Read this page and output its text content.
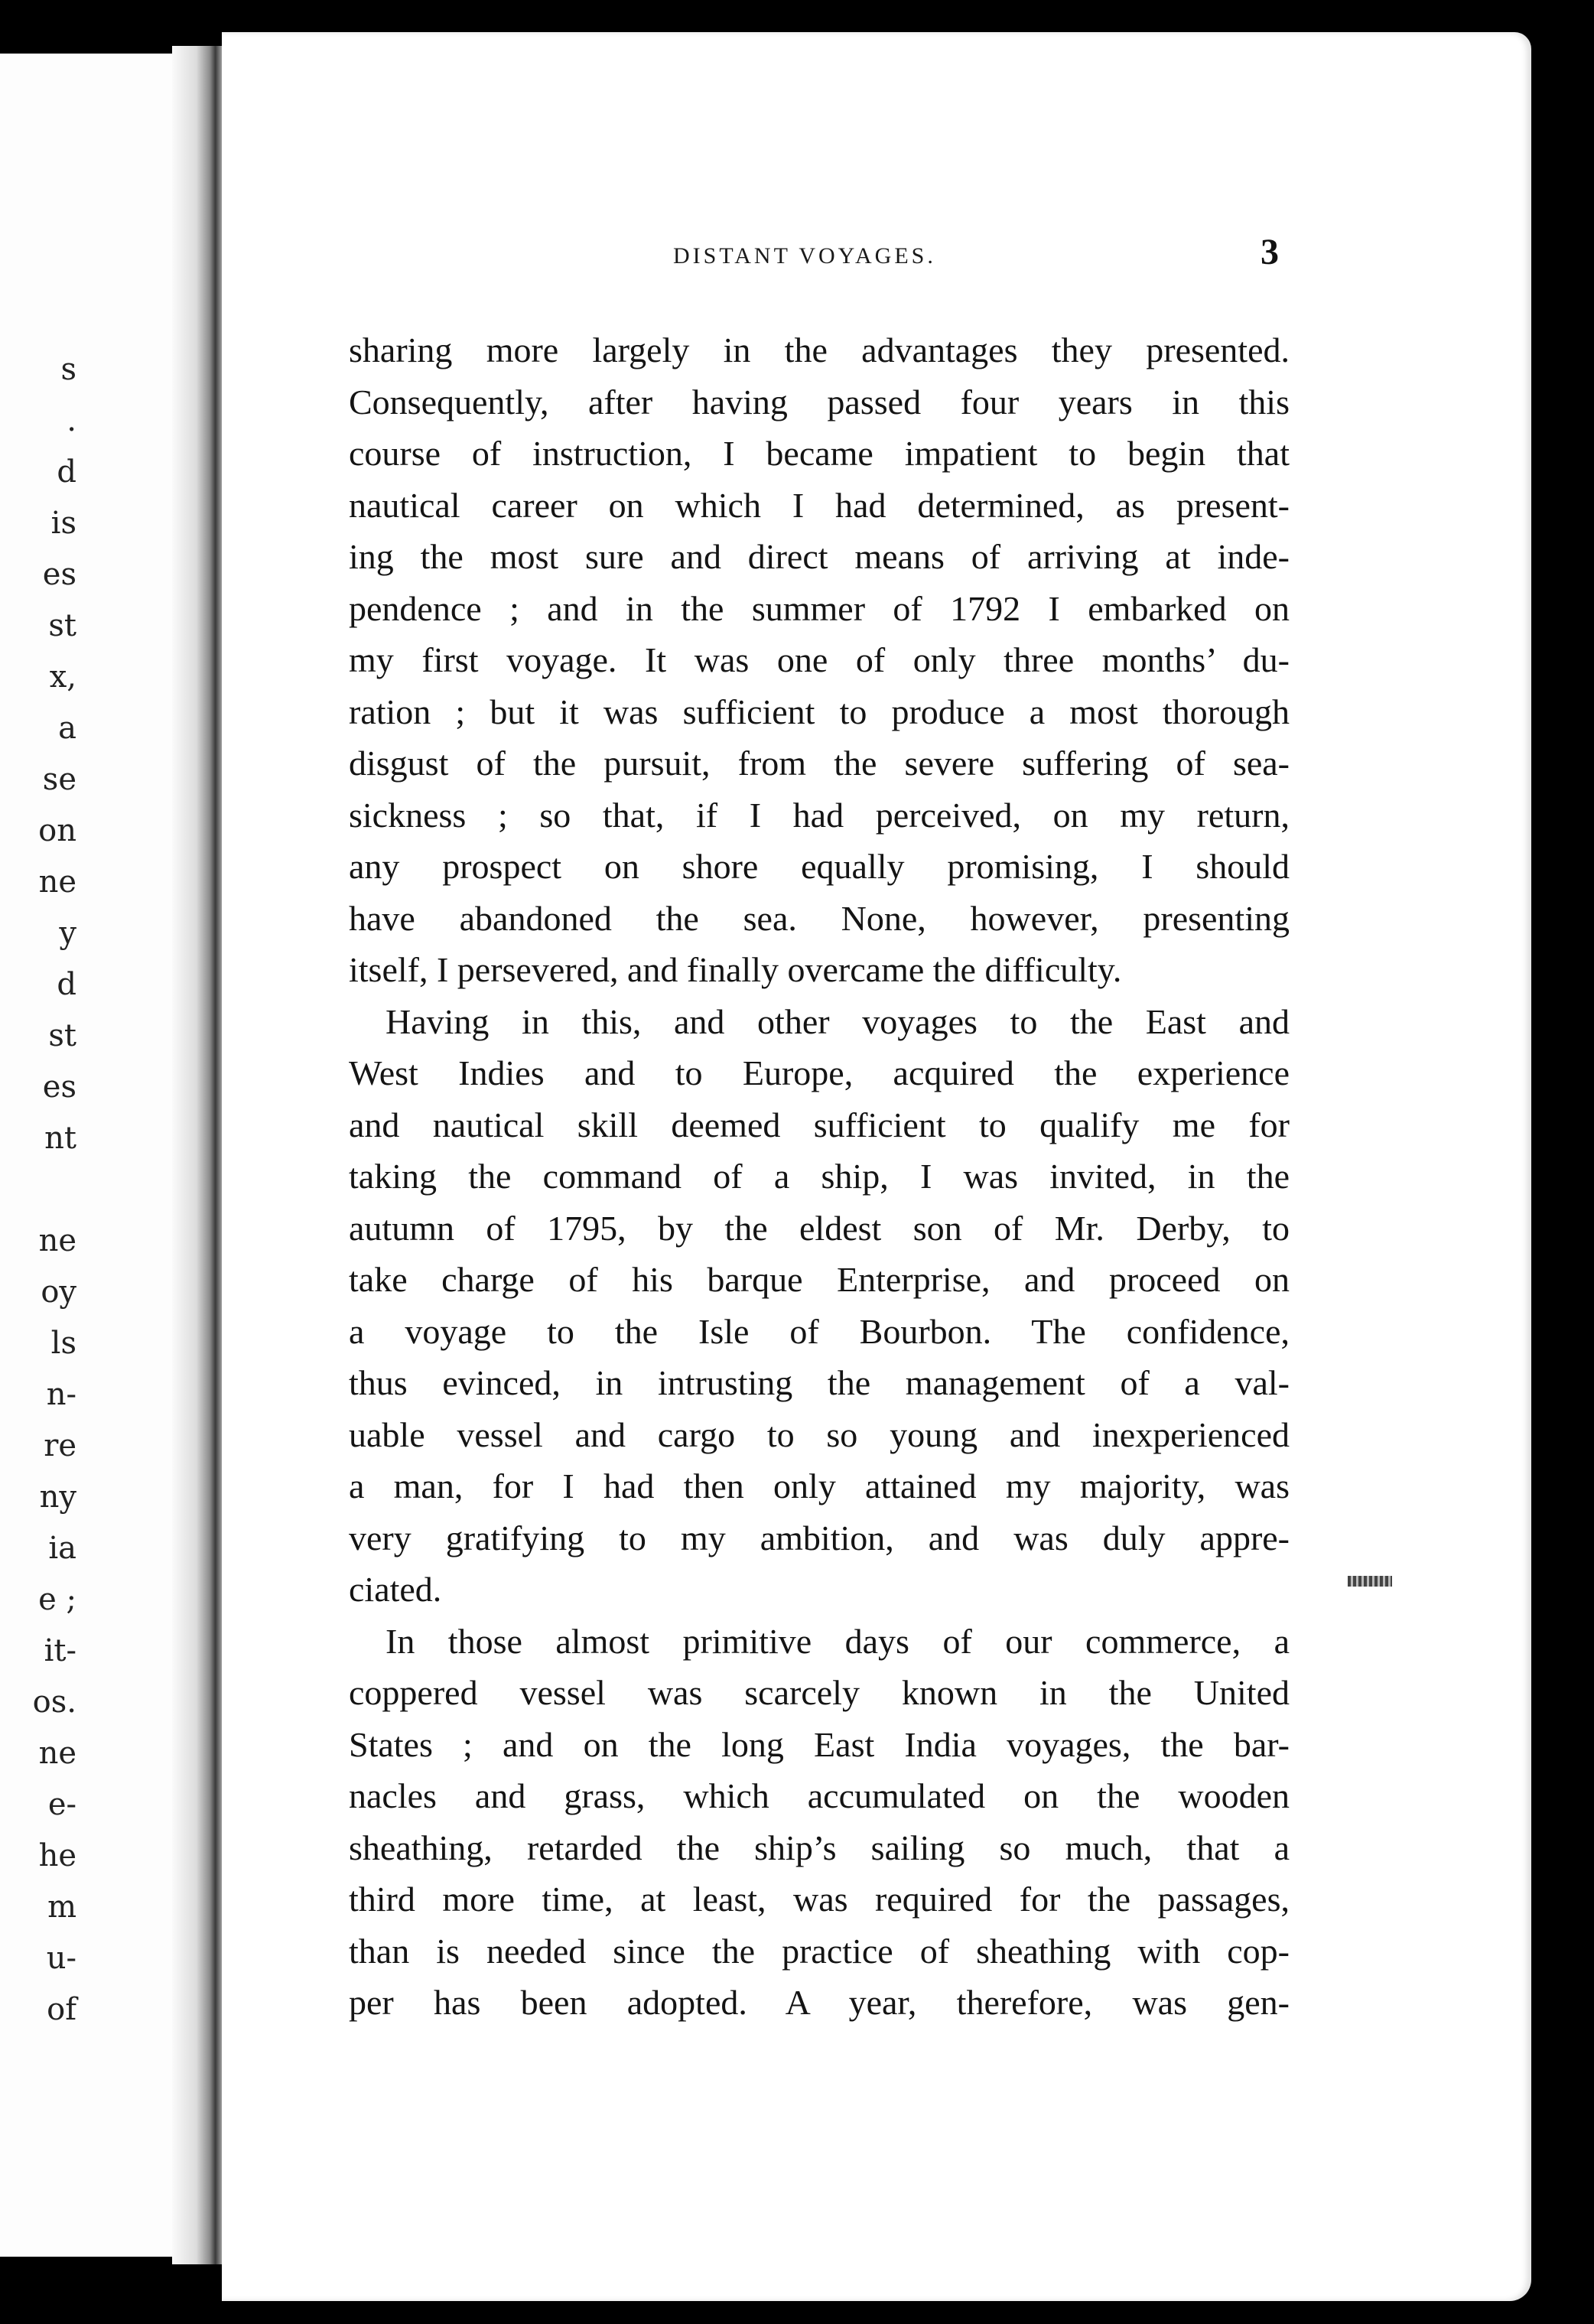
s
.
d
is
es
st
x,
a
se
on
ne
y
d
st
es
nt
ne
oy
ls
n-
re
ny
ia
e ;
it-
os.
ne
e-
he
m
u-
of
DISTANT VOYAGES.	3
sharing more largely in the advantages they presented.
Consequently, after having passed four years in this
course of instruction, I became impatient to begin that
nautical career on which I had determined, as present-
ing the most sure and direct means of arriving at inde-
pendence ; and in the summer of 1792 I embarked on
my first voyage. It was one of only three months’ du-
ration ; but it was sufficient to produce a most thorough
disgust of the pursuit, from the severe suffering of sea-
sickness ; so that, if I had perceived, on my return,
any prospect on shore equally promising, I should
have abandoned the sea. None, however, presenting
itself, I persevered, and finally overcame the difficulty.
Having in this, and other voyages to the East and
West Indies and to Europe, acquired the experience
and nautical skill deemed sufficient to qualify me for
taking the command of a ship, I was invited, in the
autumn of 1795, by the eldest son of Mr. Derby, to
take charge of his barque Enterprise, and proceed on
a voyage to the Isle of Bourbon. The confidence,
thus evinced, in intrusting the management of a val-
uable vessel and cargo to so young and inexperienced
a man, for I had then only attained my majority, was
very gratifying to my ambition, and was duly appre-
ciated.
In those almost primitive days of our commerce, a
coppered vessel was scarcely known in the United
States ; and on the long East India voyages, the bar-
nacles and grass, which accumulated on the wooden
sheathing, retarded the ship’s sailing so much, that a
third more time, at least, was required for the passages,
than is needed since the practice of sheathing with cop-
per has been adopted. A year, therefore, was gen-
